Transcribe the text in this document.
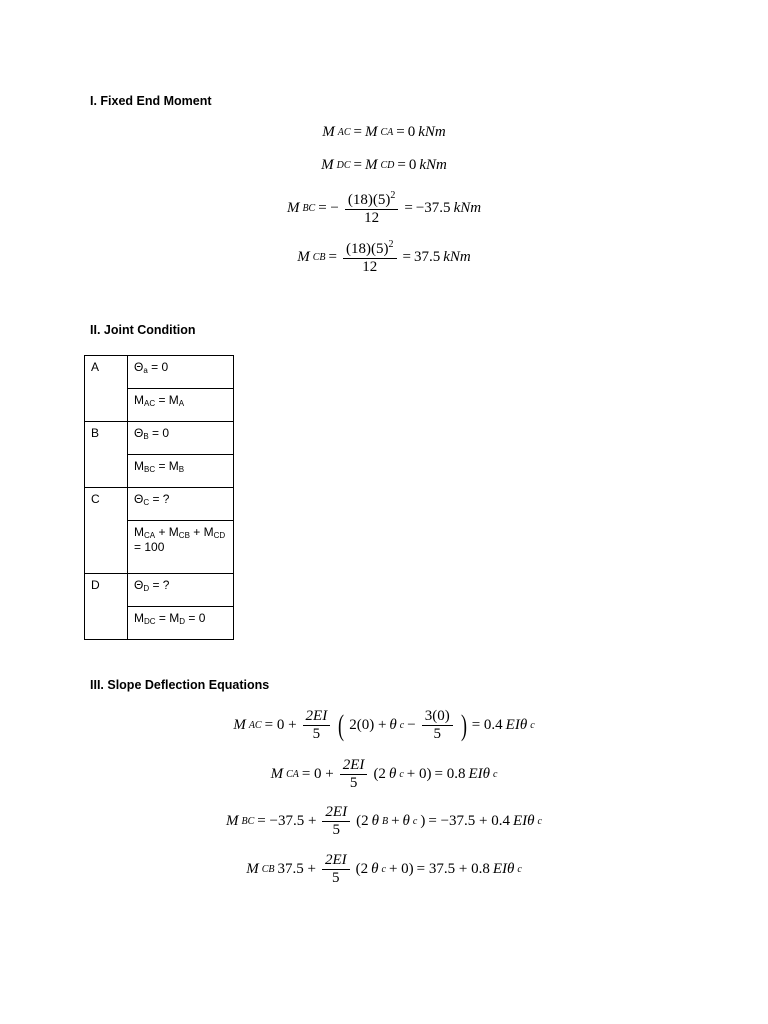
I. Fixed End Moment
M AC = M CA = 0 kNm
M DC = M CD = 0 kNm
M BC = − $\frac{(18)(5)^2}{12} = -37.5$ kNm
M CB = $\frac{(18)(5)^2}{12} = 37.5$ kNm
II. Joint Condition
A	$\Theta_a = 0$
	$M_{AC} = M_A$
B	$\Theta_B = 0$
	$M_{BC} = M_B$
C	$\Theta_C$ = ?
	$M_{CA} + M_{CB} + M_{CD}$
= 100
D	$\Theta_D$ = ?
	$M_{DC} = M_D = 0$
III. Slope Deflection Equations
M AC = $0 + \frac{2EI}{5}$ ( 2(0) + θ $c - \frac{3(0)}{5}$ ) = 0.4 EIθ c
M CA = $0 + \frac{2EI}{5} (2$ θ c + 0) = 0.8 EIθ c
M BC = $-37.5 + \frac{2EI}{5} (2$ θ B + θ c ) = −37.5 + 0.4 EIθ c
M CB $37.5 + \frac{2EI}{5} (2$ θ c + 0) = 37.5 + 0.8 EIθ c
